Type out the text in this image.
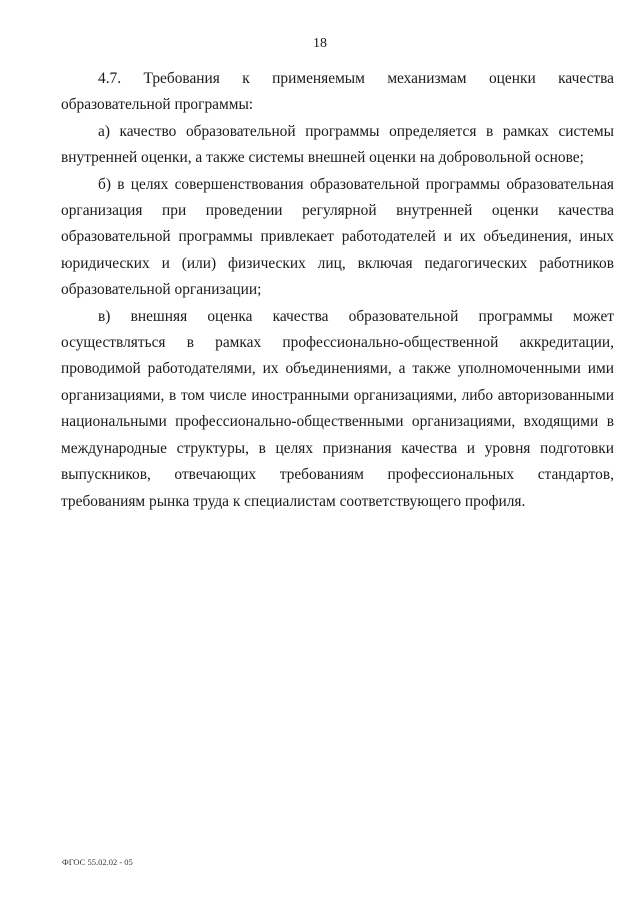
18

4.7. Требования к применяемым механизмам оценки качества образовательной программы:

а) качество образовательной программы определяется в рамках системы внутренней оценки, а также системы внешней оценки на добровольной основе;

б) в целях совершенствования образовательной программы образовательная организация при проведении регулярной внутренней оценки качества образовательной программы привлекает работодателей и их объединения, иных юридических и (или) физических лиц, включая педагогических работников образовательной организации;

в) внешняя оценка качества образовательной программы может осуществляться в рамках профессионально-общественной аккредитации, проводимой работодателями, их объединениями, а также уполномоченными ими организациями, в том числе иностранными организациями, либо авторизованными национальными профессионально-общественными организациями, входящими в международные структуры, в целях признания качества и уровня подготовки выпускников, отвечающих требованиям профессиональных стандартов, требованиям рынка труда к специалистам соответствующего профиля.

ФГОС 55.02.02 - 05
